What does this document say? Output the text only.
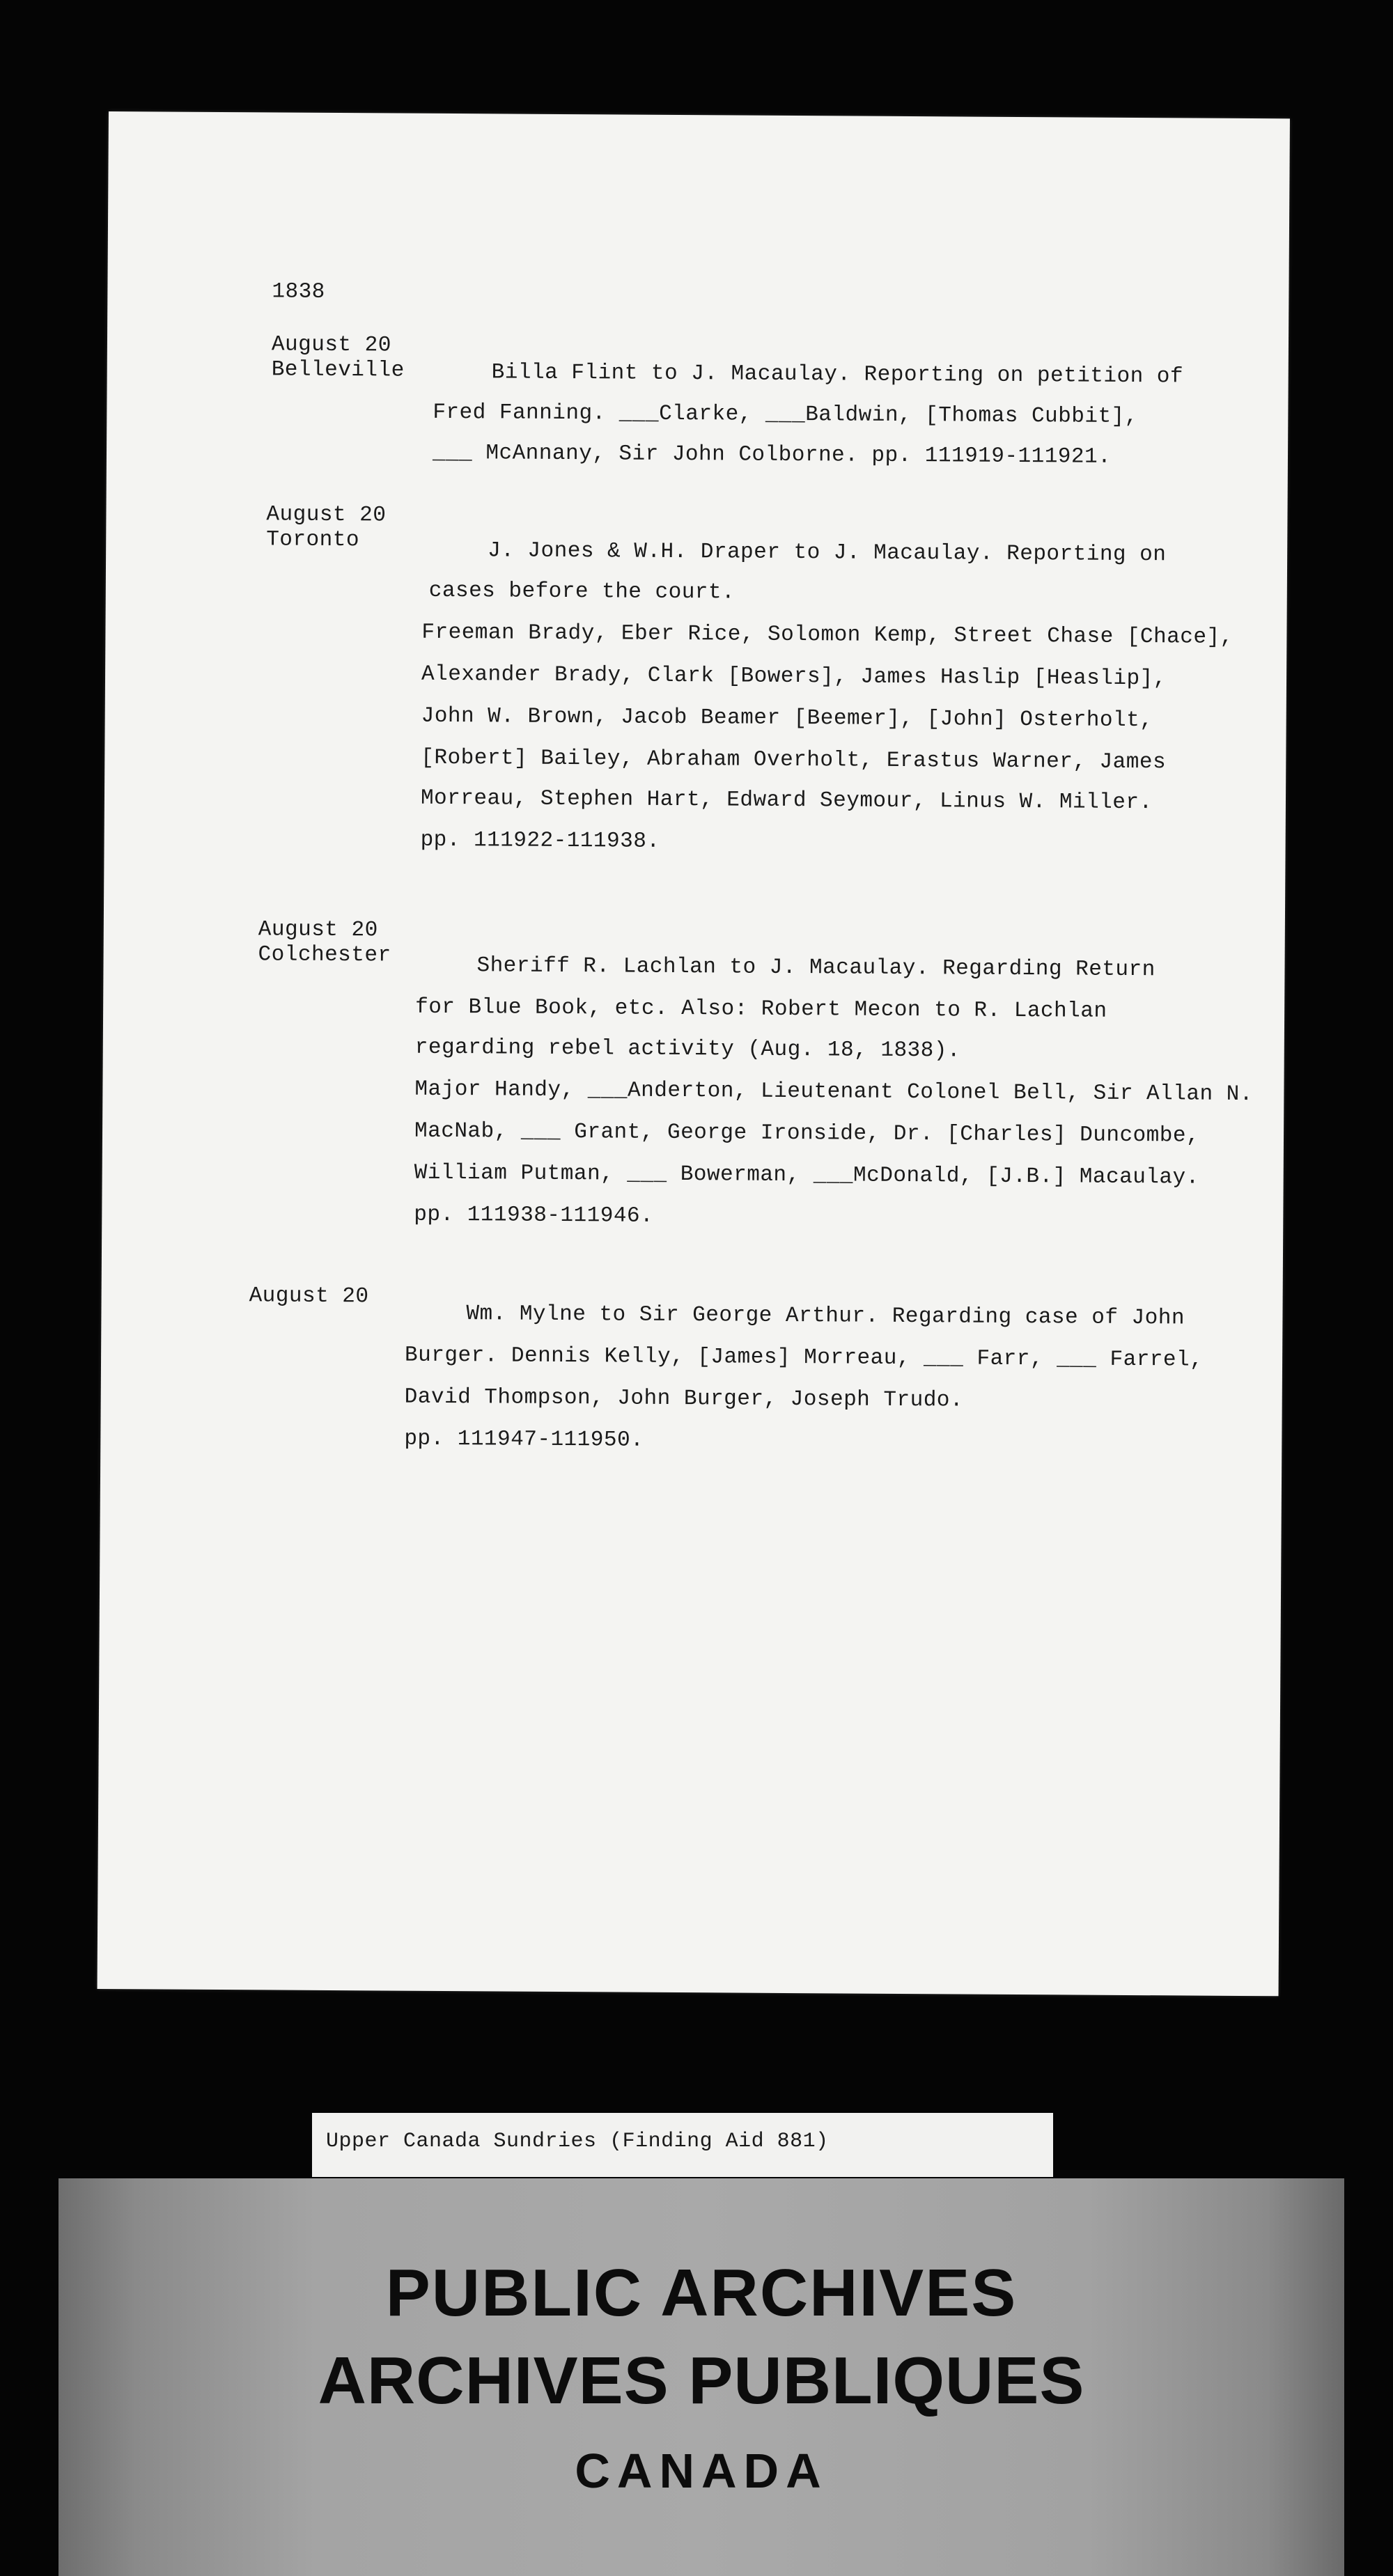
1838
August 20
Belleville	Billa Flint to J. Macaulay. Reporting on petition of
Fred Fanning. ___Clarke, ___Baldwin, [Thomas Cubbit],
___ McAnnany, Sir John Colborne. pp. 111919-111921.
August 20
Toronto	J. Jones & W.H. Draper to J. Macaulay. Reporting on
cases before the court.
Freeman Brady, Eber Rice, Solomon Kemp, Street Chase [Chace],
Alexander Brady, Clark [Bowers], James Haslip [Heaslip],
John W. Brown, Jacob Beamer [Beemer], [John] Osterholt,
[Robert] Bailey, Abraham Overholt, Erastus Warner, James
Morreau, Stephen Hart, Edward Seymour, Linus W. Miller.
pp. 111922-111938.
August 20
Colchester	Sheriff R. Lachlan to J. Macaulay. Regarding Return
for Blue Book, etc. Also: Robert Mecon to R. Lachlan
regarding rebel activity (Aug. 18, 1838).
Major Handy, ___Anderton, Lieutenant Colonel Bell, Sir Allan N.
MacNab, ___ Grant, George Ironside, Dr. [Charles] Duncombe,
William Putman, ___ Bowerman, ___McDonald, [J.B.] Macaulay.
pp. 111938-111946.
August 20
Wm. Mylne to Sir George Arthur. Regarding case of John
Burger. Dennis Kelly, [James] Morreau, ___ Farr, ___ Farrel,
David Thompson, John Burger, Joseph Trudo.
pp. 111947-111950.
Upper Canada Sundries (Finding Aid 881)
PUBLIC ARCHIVES
ARCHIVES PUBLIQUES
CANADA
